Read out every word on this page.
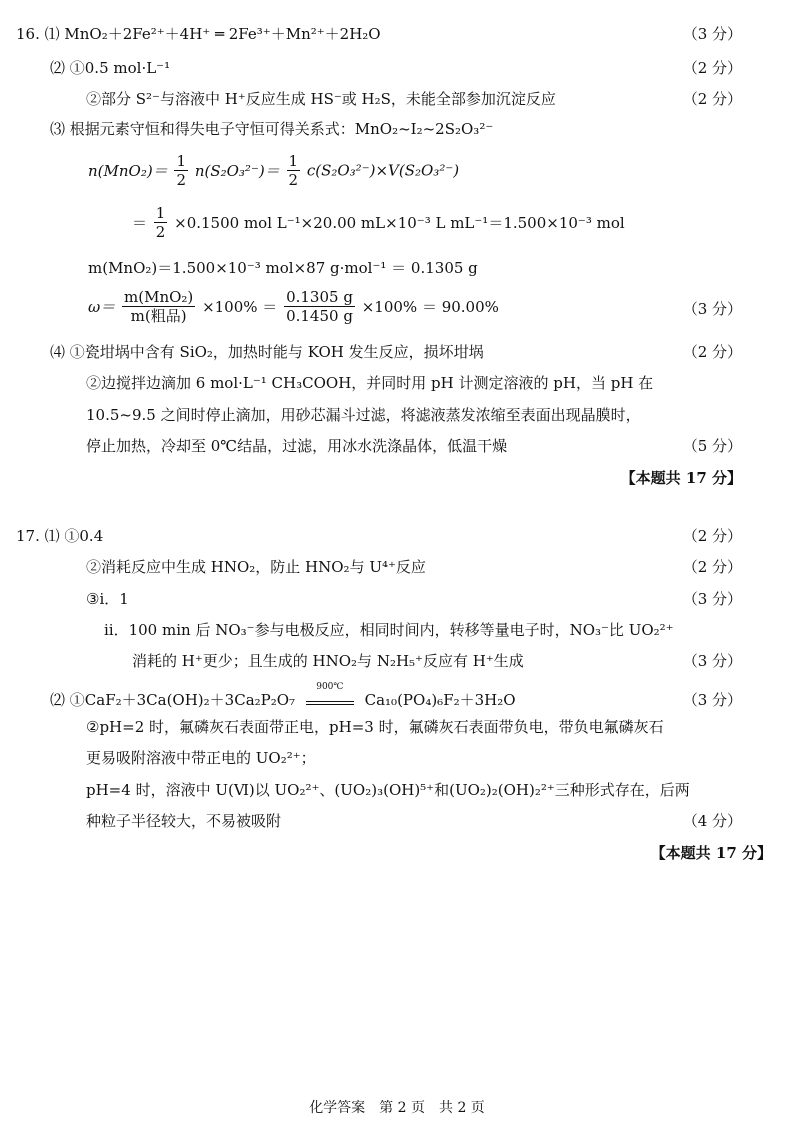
16. ⑴ MnO₂＋2Fe²⁺＋4H⁺ ═ 2Fe³⁺＋Mn²⁺＋2H₂O	（3 分）
⑵ ①0.5 mol·L⁻¹	（2 分）
②部分 S²⁻与溶液中 H⁺反应生成 HS⁻或 H₂S，未能全部参加沉淀反应	（2 分）
⑶ 根据元素守恒和得失电子守恒可得关系式：MnO₂~I₂~2S₂O₃²⁻
$n(MnO_2)= \frac{1}{2} n(S_2O_3^{2-})= \frac{1}{2} c(S_2O_3^{2-})\times V(S_2O_3^{2-})$
＝ $\frac{1}{2} \times 0.1500$ mol L⁻¹×20.00 mL×10⁻³ L mL⁻¹＝1.500×10⁻³ mol
m(MnO₂)＝1.500×10⁻³ mol×87 g·mol⁻¹ ＝ 0.1305 g
$\omega= \frac{\text{m(MnO₂)}}{\text{m(粗品)}} \times 100\% = \frac{0.1305 g}{0.1450 g} \times 100\% = 90.00\%$	（3 分）
⑷ ①瓷坩埚中含有 SiO₂，加热时能与 KOH 发生反应，损坏坩埚	（2 分）
②边搅拌边滴加 6 mol·L⁻¹ CH₃COOH，并同时用 pH 计测定溶液的 pH，当 pH 在
10.5~9.5 之间时停止滴加，用砂芯漏斗过滤，将滤液蒸发浓缩至表面出现晶膜时，
停止加热，冷却至 0℃结晶，过滤，用冰水洗涤晶体，低温干燥	（5 分）
【本题共 17 分】
17. ⑴ ①0.4	（2 分）
②消耗反应中生成 HNO₂，防止 HNO₂与 U⁴⁺反应	（2 分）
③ⅰ．1	（3 分）
ⅱ．100 min 后 NO₃⁻参与电极反应，相同时间内，转移等量电子时，NO₃⁻比 UO₂²⁺
消耗的 H⁺更少；且生成的 HNO₂与 N₂H₅⁺反应有 H⁺生成	（3 分）
⑵ ①CaF₂＋3Ca(OH)₂＋3Ca₂P₂O₇
900℃
Ca₁₀(PO₄)₆F₂＋3H₂O	（3 分）
②pH=2 时，氟磷灰石表面带正电，pH=3 时，氟磷灰石表面带负电，带负电氟磷灰石
更易吸附溶液中带正电的 UO₂²⁺；
pH=4 时，溶液中 U(Ⅵ)以 UO₂²⁺、(UO₂)₃(OH)⁵⁺和(UO₂)₂(OH)₂²⁺三种形式存在，后两
种粒子半径较大，不易被吸附	（4 分）
【本题共 17 分】
化学答案　第 2 页　共 2 页
